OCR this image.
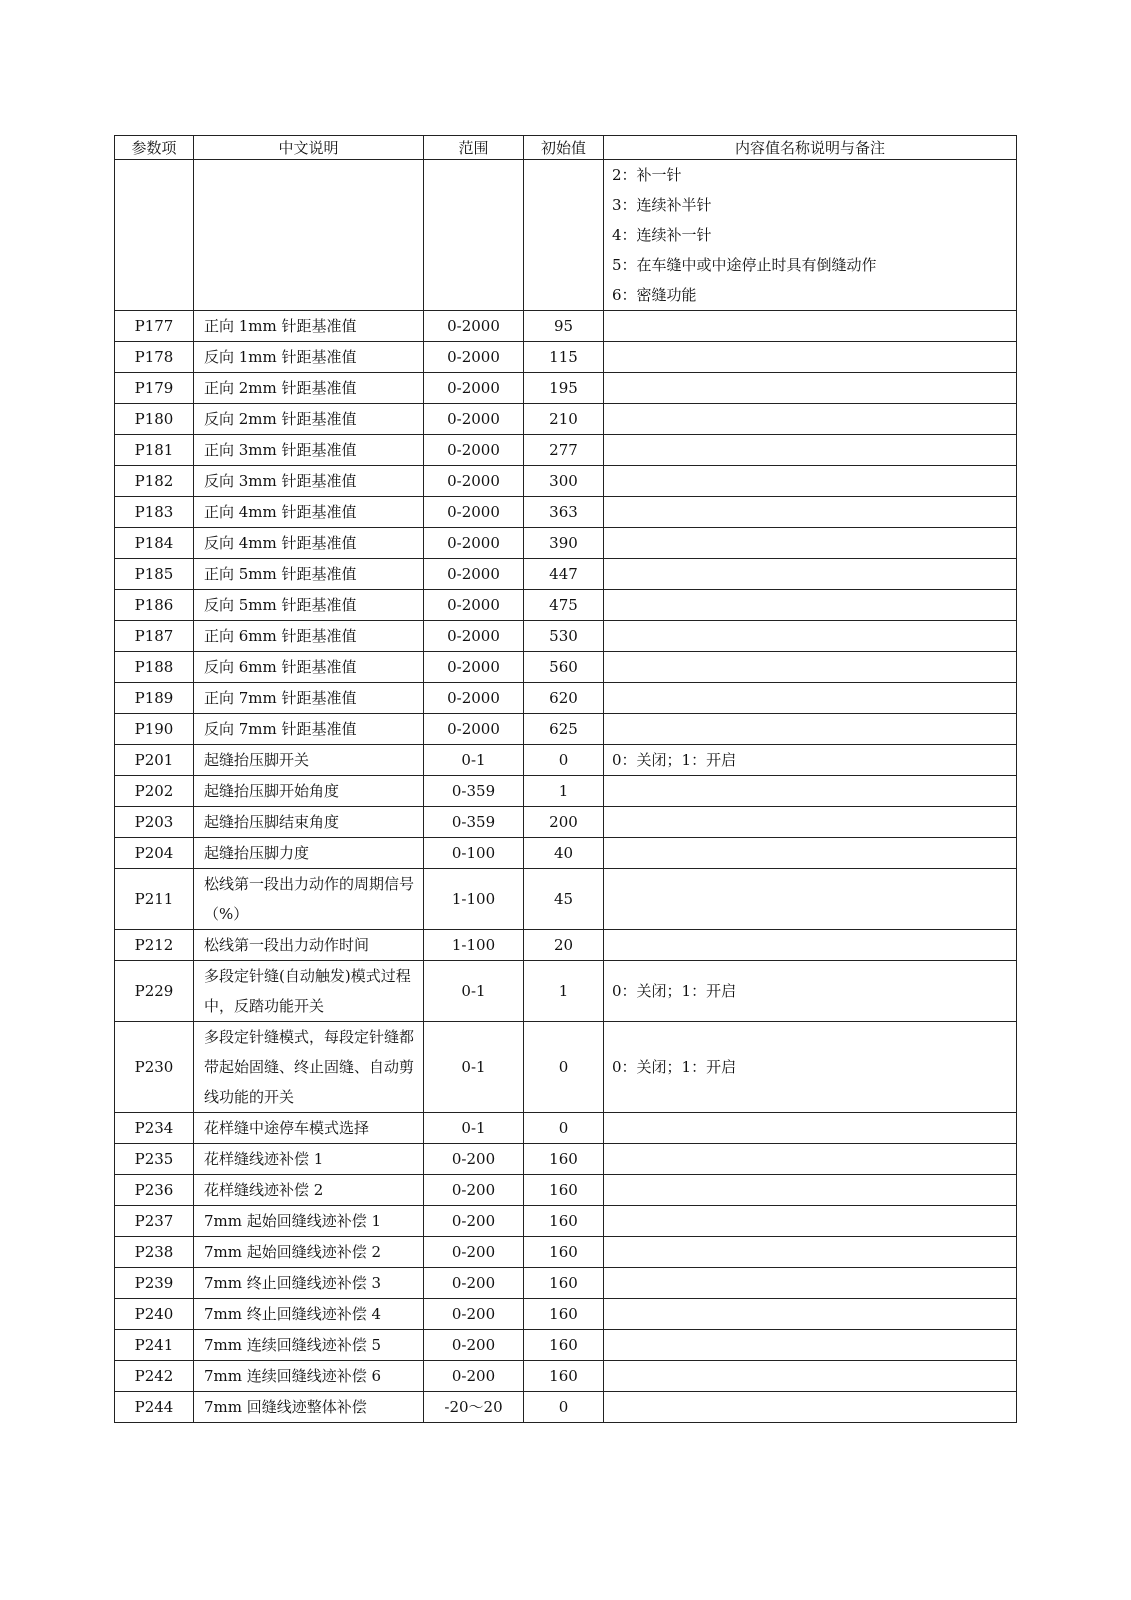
参数项	中文说明	范围	初始值	内容值名称说明与备注

				2：补一针
3：连续补半针
4：连续补一针
5：在车缝中或中途停止时具有倒缝动作
6：密缝功能

P177	正向 1mm 针距基准值	0-2000	95	
P178	反向 1mm 针距基准值	0-2000	115	
P179	正向 2mm 针距基准值	0-2000	195	
P180	反向 2mm 针距基准值	0-2000	210	
P181	正向 3mm 针距基准值	0-2000	277	
P182	反向 3mm 针距基准值	0-2000	300	
P183	正向 4mm 针距基准值	0-2000	363	
P184	反向 4mm 针距基准值	0-2000	390	
P185	正向 5mm 针距基准值	0-2000	447	
P186	反向 5mm 针距基准值	0-2000	475	
P187	正向 6mm 针距基准值	0-2000	530	
P188	反向 6mm 针距基准值	0-2000	560	
P189	正向 7mm 针距基准值	0-2000	620	
P190	反向 7mm 针距基准值	0-2000	625	
P201	起缝抬压脚开关	0-1	0	0：关闭；1：开启
P202	起缝抬压脚开始角度	0-359	1	
P203	起缝抬压脚结束角度	0-359	200	
P204	起缝抬压脚力度	0-100	40	
P211	松线第一段出力动作的周期信号（%）	1-100	45	
P212	松线第一段出力动作时间	1-100	20	
P229	多段定针缝(自动触发)模式过程中，反踏功能开关	0-1	1	0：关闭；1：开启
P230	多段定针缝模式，每段定针缝都带起始固缝、终止固缝、自动剪线功能的开关	0-1	0	0：关闭；1：开启
P234	花样缝中途停车模式选择	0-1	0	
P235	花样缝线迹补偿 1	0-200	160	
P236	花样缝线迹补偿 2	0-200	160	
P237	7mm 起始回缝线迹补偿 1	0-200	160	
P238	7mm 起始回缝线迹补偿 2	0-200	160	
P239	7mm 终止回缝线迹补偿 3	0-200	160	
P240	7mm 终止回缝线迹补偿 4	0-200	160	
P241	7mm 连续回缝线迹补偿 5	0-200	160	
P242	7mm 连续回缝线迹补偿 6	0-200	160	
P244	7mm 回缝线迹整体补偿	-20～20	0	
